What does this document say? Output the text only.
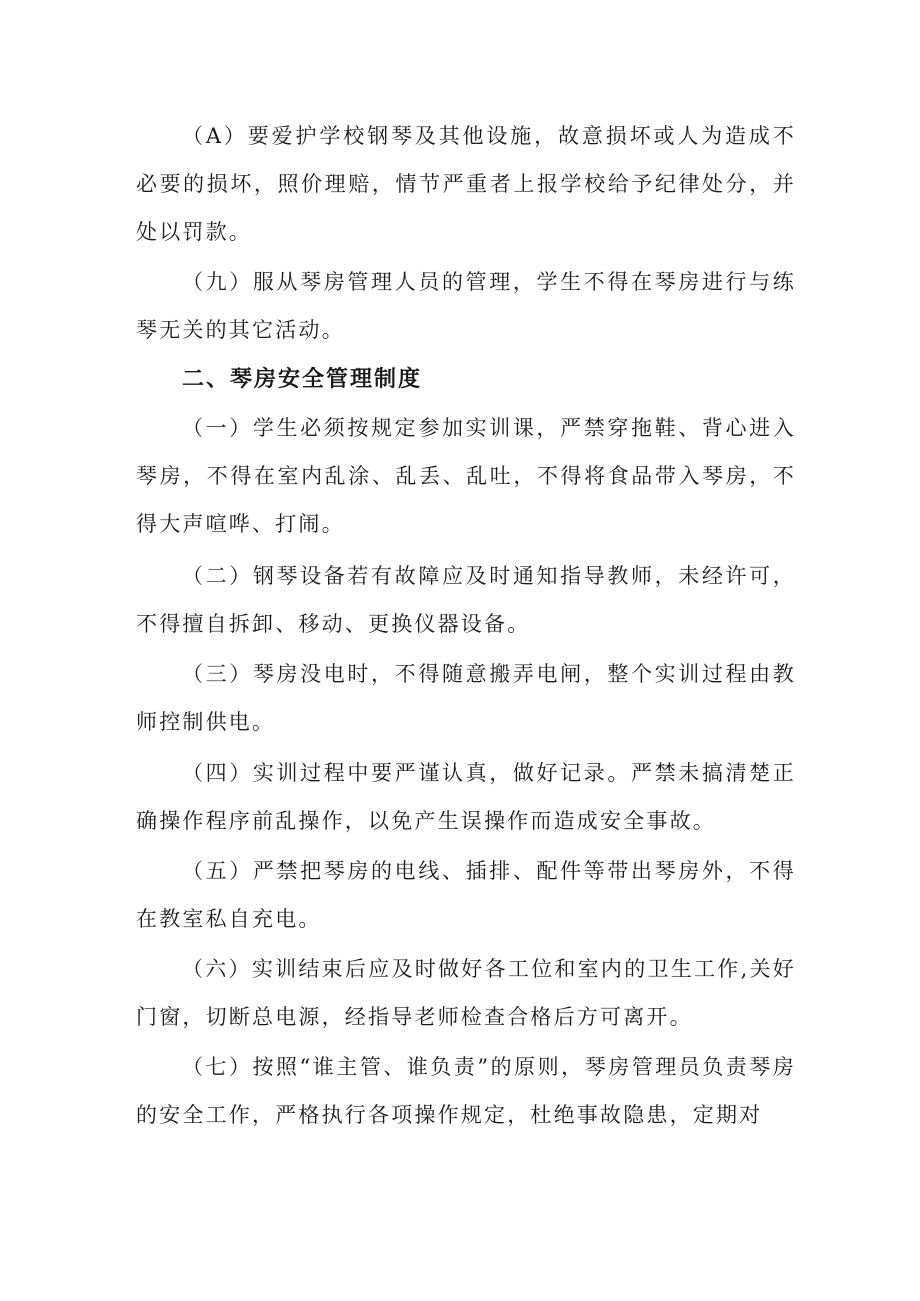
（A）要爱护学校钢琴及其他设施，故意损坏或人为造成不必要的损坏，照价理赔，情节严重者上报学校给予纪律处分，并处以罚款。

（九）服从琴房管理人员的管理，学生不得在琴房进行与练琴无关的其它活动。

二、琴房安全管理制度

（一）学生必须按规定参加实训课，严禁穿拖鞋、背心进入琴房，不得在室内乱涂、乱丢、乱吐，不得将食品带入琴房，不得大声喧哗、打闹。

（二）钢琴设备若有故障应及时通知指导教师，未经许可，不得擅自拆卸、移动、更换仪器设备。

（三）琴房没电时，不得随意搬弄电闸，整个实训过程由教师控制供电。

（四）实训过程中要严谨认真，做好记录。严禁未搞清楚正确操作程序前乱操作，以免产生误操作而造成安全事故。

（五）严禁把琴房的电线、插排、配件等带出琴房外，不得在教室私自充电。

（六）实训结束后应及时做好各工位和室内的卫生工作,关好门窗，切断总电源，经指导老师检查合格后方可离开。

（七）按照“谁主管、谁负责”的原则，琴房管理员负责琴房的安全工作，严格执行各项操作规定，杜绝事故隐患，定期对
